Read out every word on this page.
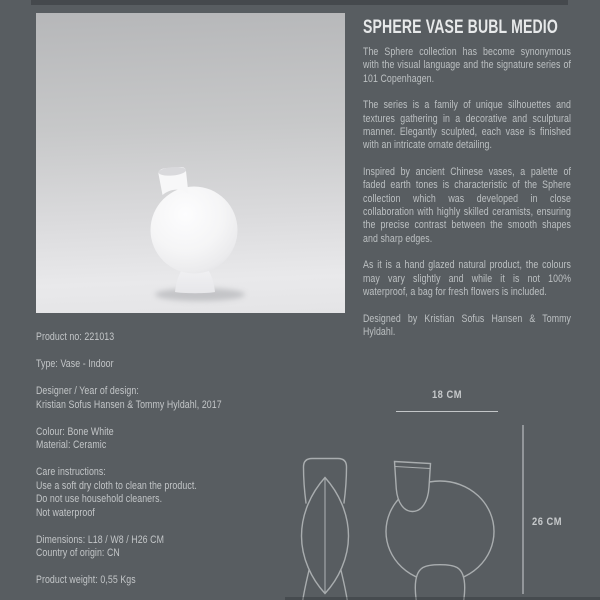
SPHERE VASE BUBL MEDIO

The Sphere collection has become synonymous with the visual language and the signature series of 101 Copenhagen.

The series is a family of unique silhouettes and textures gathering in a decorative and sculptural manner. Elegantly sculpted, each vase is finished with an intricate ornate detailing.

Inspired by ancient Chinese vases, a palette of faded earth tones is characteristic of the Sphere collection which was developed in close collaboration with highly skilled ceramists, ensuring the precise contrast between the smooth shapes and sharp edges.

As it is a hand glazed natural product, the colours may vary slightly and while it is not 100% waterproof, a bag for fresh flowers is included.

Designed by Kristian Sofus Hansen & Tommy Hyldahl.

Product no: 221013
Type: Vase - Indoor
Designer / Year of design:
Kristian Sofus Hansen & Tommy Hyldahl, 2017
Colour: Bone White
Material: Ceramic
Care instructions:
Use a soft dry cloth to clean the product.
Do not use household cleaners.
Not waterproof
Dimensions: L18 / W8 / H26 CM
Country of origin: CN
Product weight: 0,55 Kgs
18 CM
26 CM
